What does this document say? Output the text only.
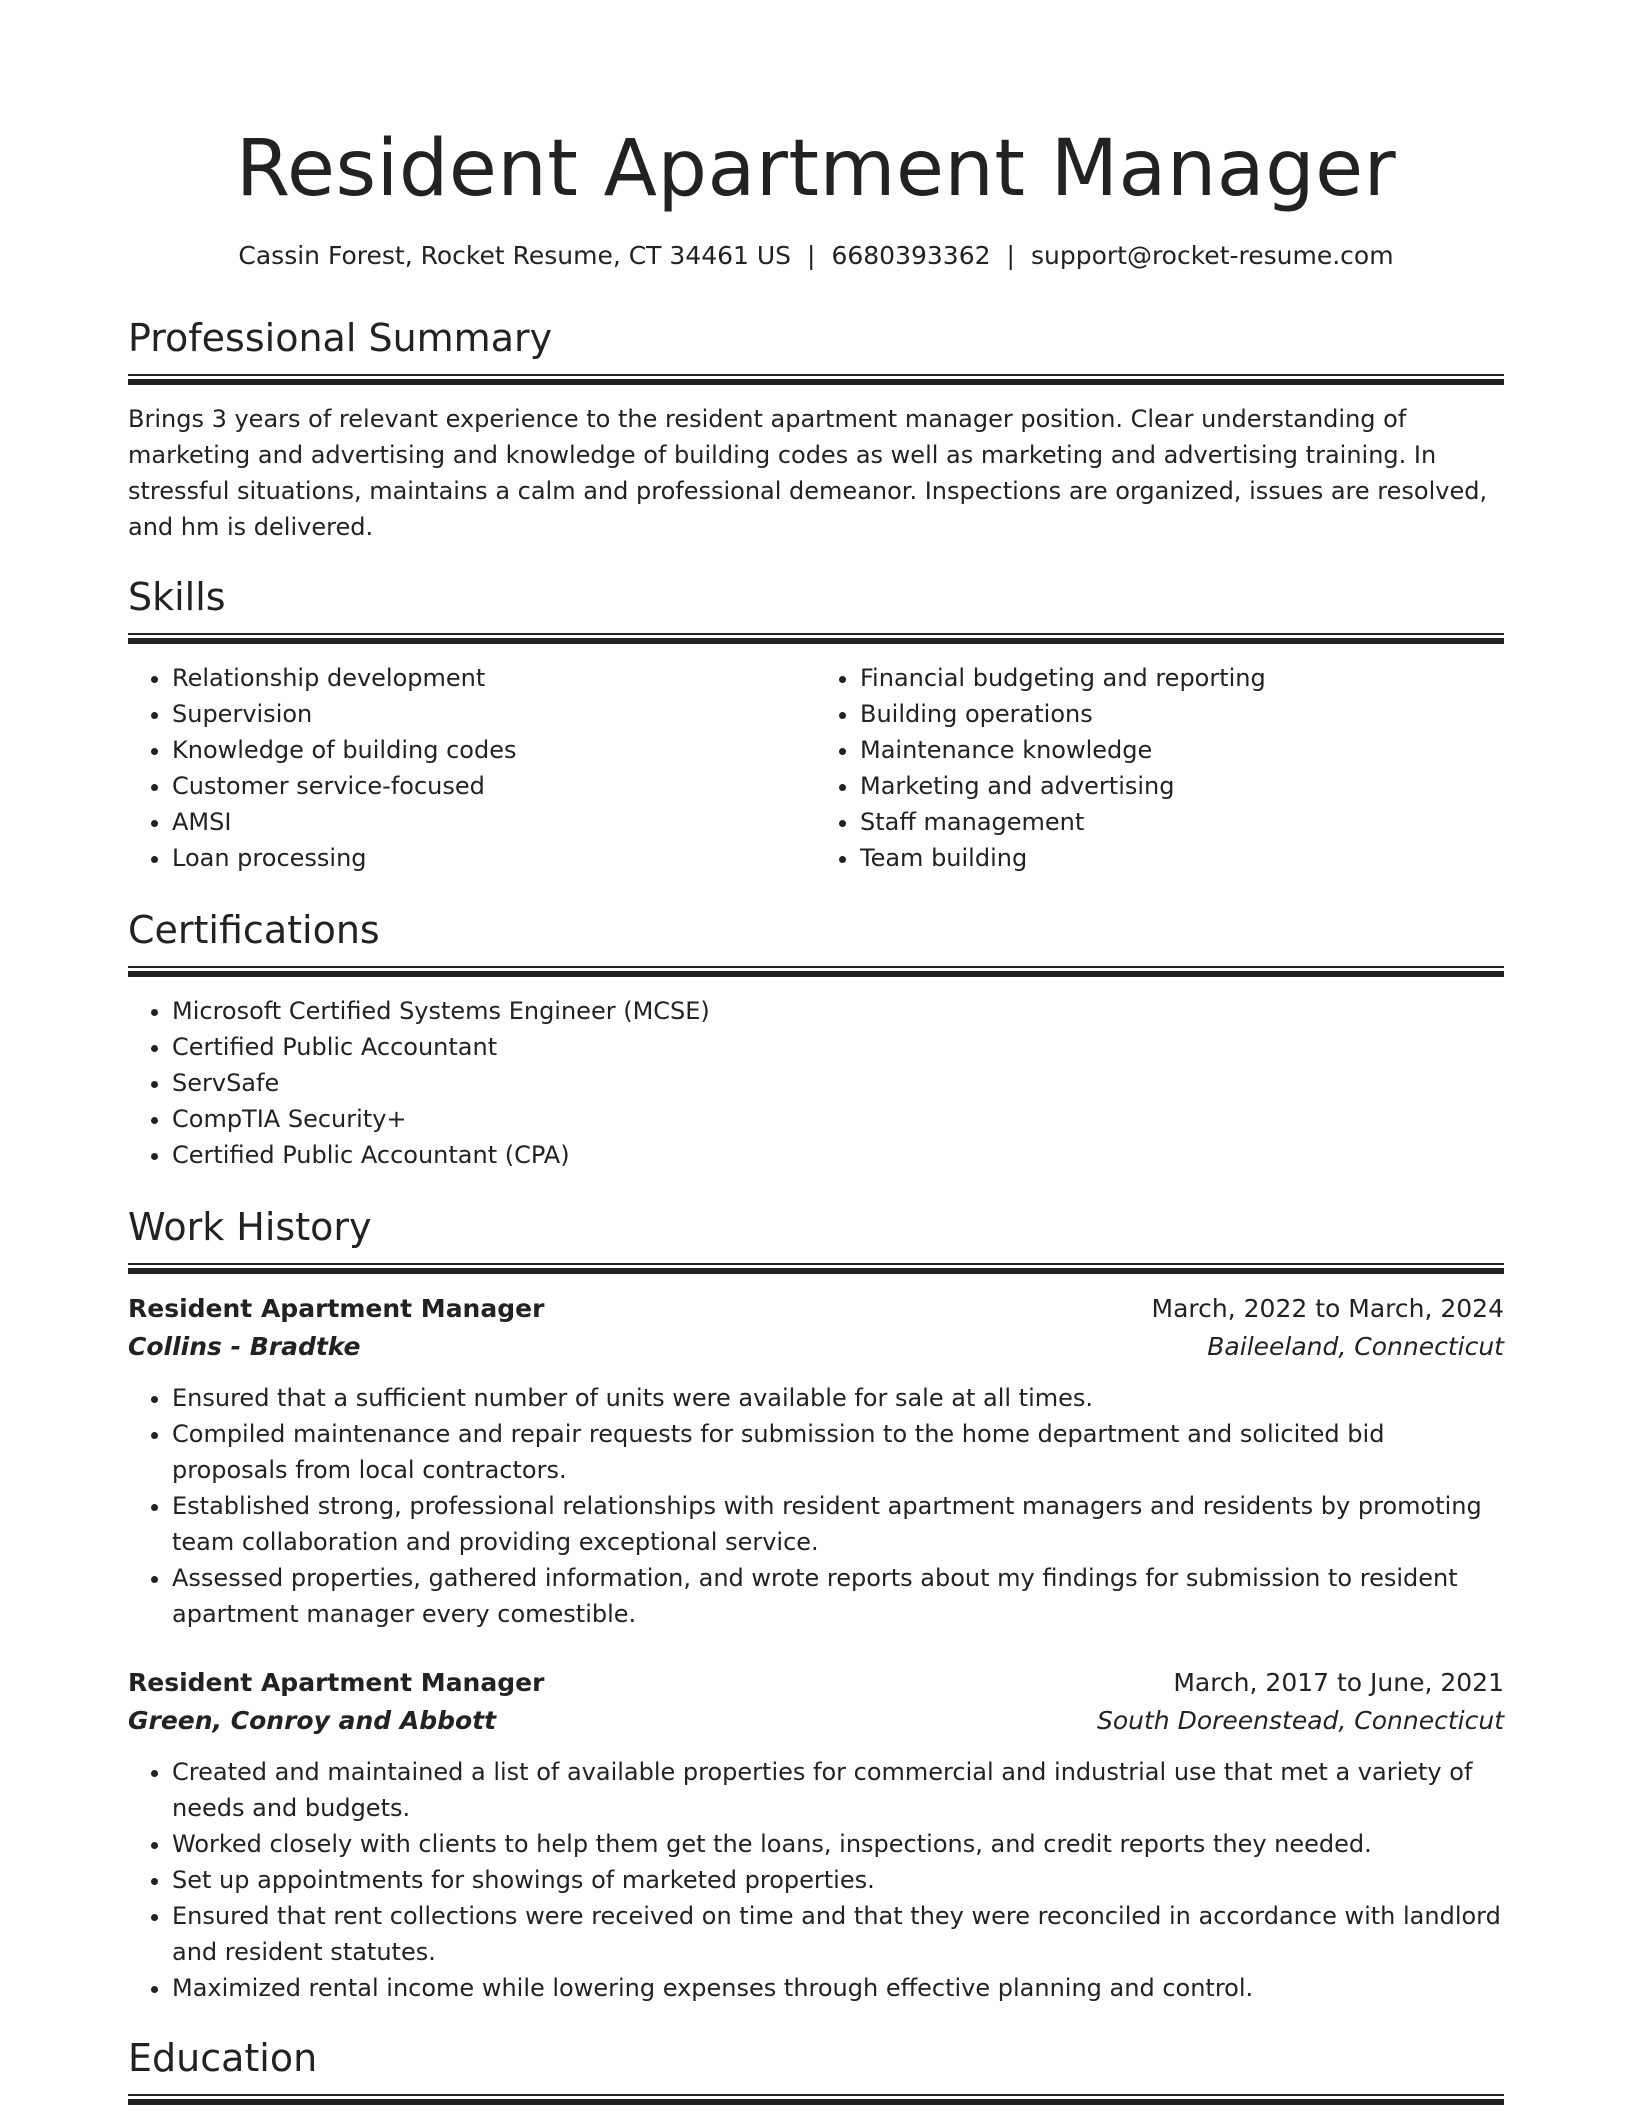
Resident Apartment Manager
Cassin Forest, Rocket Resume, CT 34461 US | 6680393362 | support@rocket-resume.com
Professional Summary
Brings 3 years of relevant experience to the resident apartment manager position. Clear understanding of marketing and advertising and knowledge of building codes as well as marketing and advertising training. In stressful situations, maintains a calm and professional demeanor. Inspections are organized, issues are resolved, and hm is delivered.
Skills
• Relationship development
• Supervision
• Knowledge of building codes
• Customer service-focused
• AMSI
• Loan processing
• Financial budgeting and reporting
• Building operations
• Maintenance knowledge
• Marketing and advertising
• Staff management
• Team building
Certifications
• Microsoft Certified Systems Engineer (MCSE)
• Certified Public Accountant
• ServSafe
• CompTIA Security+
• Certified Public Accountant (CPA)
Work History
Resident Apartment Manager	March, 2022 to March, 2024
Collins - Bradtke	Baileeland, Connecticut
• Ensured that a sufficient number of units were available for sale at all times.
• Compiled maintenance and repair requests for submission to the home department and solicited bid proposals from local contractors.
• Established strong, professional relationships with resident apartment managers and residents by promoting team collaboration and providing exceptional service.
• Assessed properties, gathered information, and wrote reports about my findings for submission to resident apartment manager every comestible.
Resident Apartment Manager	March, 2017 to June, 2021
Green, Conroy and Abbott	South Doreenstead, Connecticut
• Created and maintained a list of available properties for commercial and industrial use that met a variety of needs and budgets.
• Worked closely with clients to help them get the loans, inspections, and credit reports they needed.
• Set up appointments for showings of marketed properties.
• Ensured that rent collections were received on time and that they were reconciled in accordance with landlord and resident statutes.
• Maximized rental income while lowering expenses through effective planning and control.
Education
